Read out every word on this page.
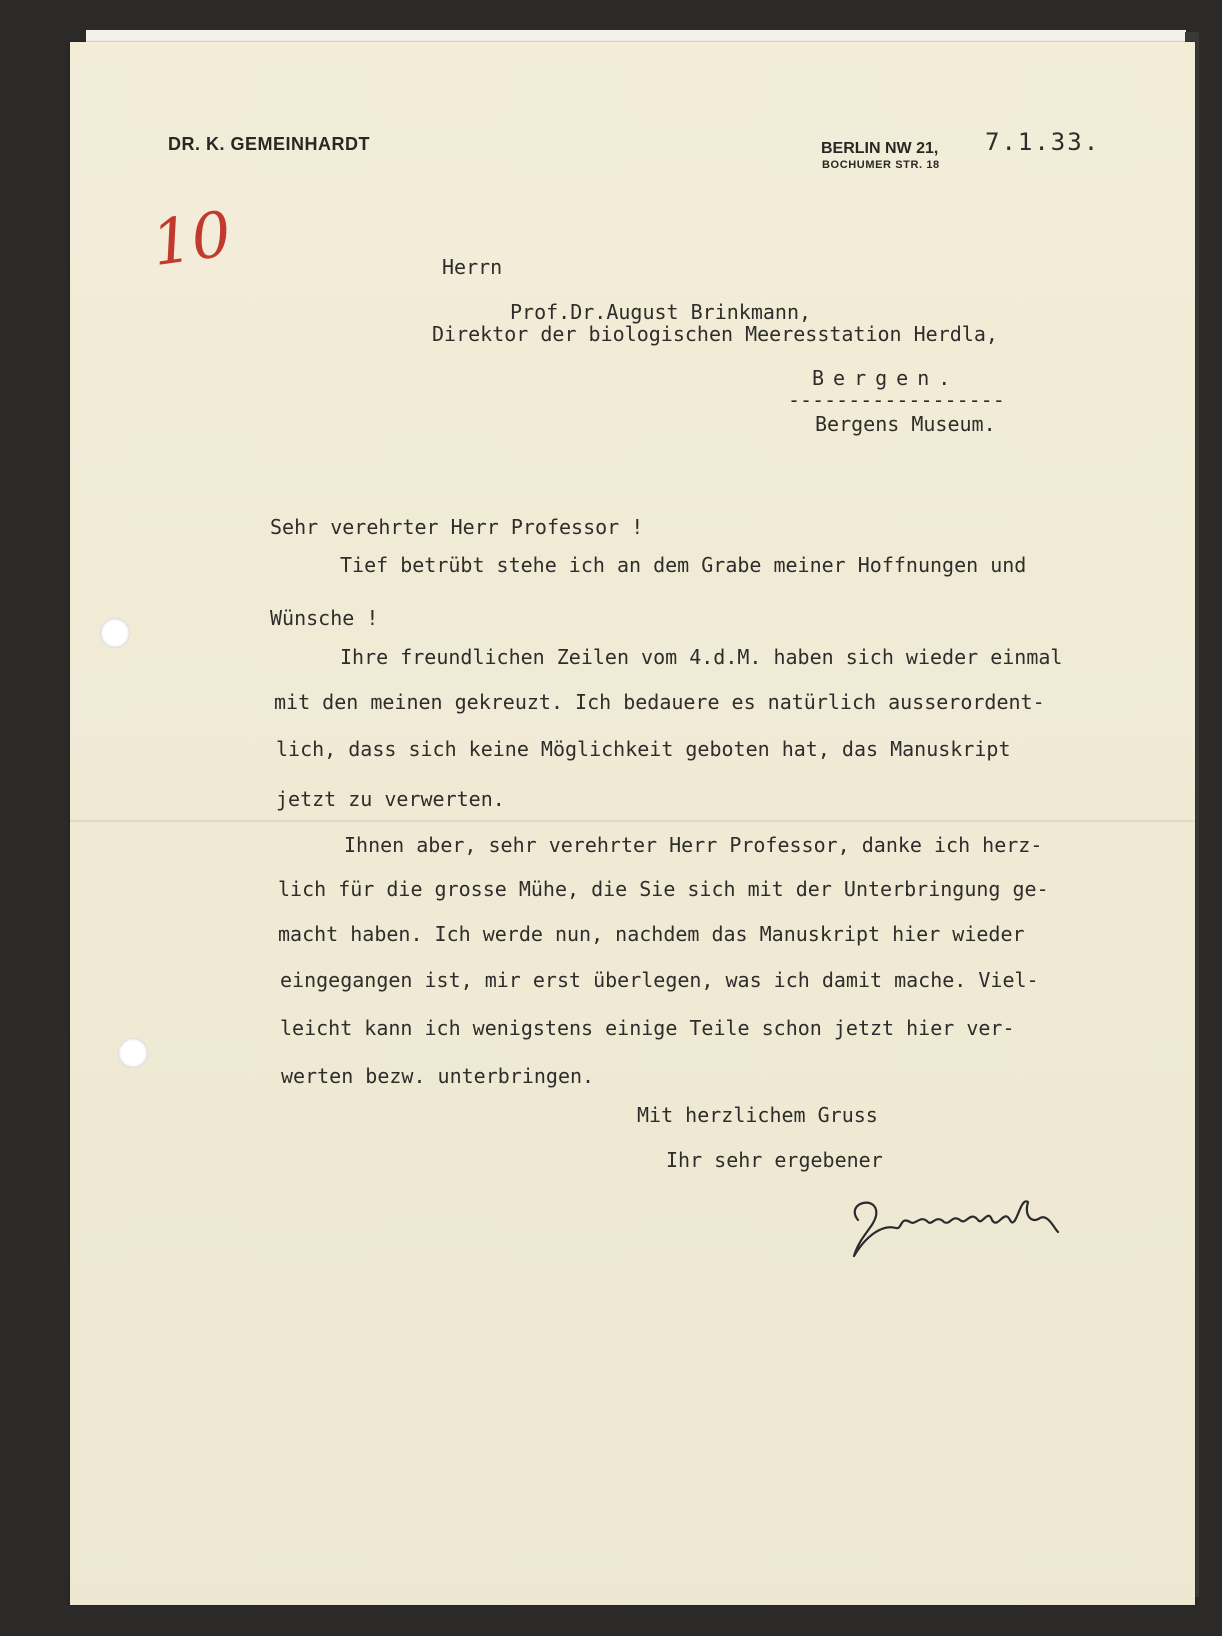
DR. K. GEMEINHARDT	BERLIN NW 21,
BOCHUMER STR. 18
7.1.33.
10	Herrn
Prof.Dr.August Brinkmann,
Direktor der biologischen Meeresstation Herdla,
Bergen.
------------------
Bergens Museum.
Sehr verehrter Herr Professor !
Tief betrübt stehe ich an dem Grabe meiner Hoffnungen und
Wünsche !
Ihre freundlichen Zeilen vom 4.d.M. haben sich wieder einmal
mit den meinen gekreuzt. Ich bedauere es natürlich ausserordent-
lich, dass sich keine Möglichkeit geboten hat, das Manuskript
jetzt zu verwerten.
Ihnen aber, sehr verehrter Herr Professor, danke ich herz-
lich für die grosse Mühe, die Sie sich mit der Unterbringung ge-
macht haben. Ich werde nun, nachdem das Manuskript hier wieder
eingegangen ist, mir erst überlegen, was ich damit mache. Viel-
leicht kann ich wenigstens einige Teile schon jetzt hier ver-
werten bezw. unterbringen.
Mit herzlichem Gruss
Ihr sehr ergebener
